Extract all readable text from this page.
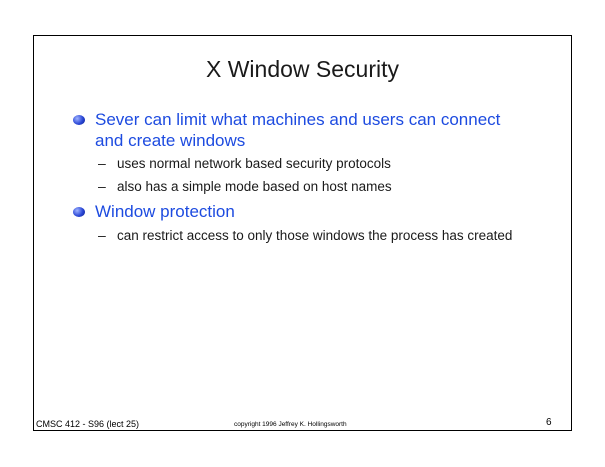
X Window Security
Sever can limit what machines and users can connect and create windows
– uses normal network based security protocols
– also has a simple mode based on host names
Window protection
– can restrict access to only those windows the process has created
CMSC 412 - S96 (lect 25)	copyright 1996 Jeffrey K. Hollingsworth	6
